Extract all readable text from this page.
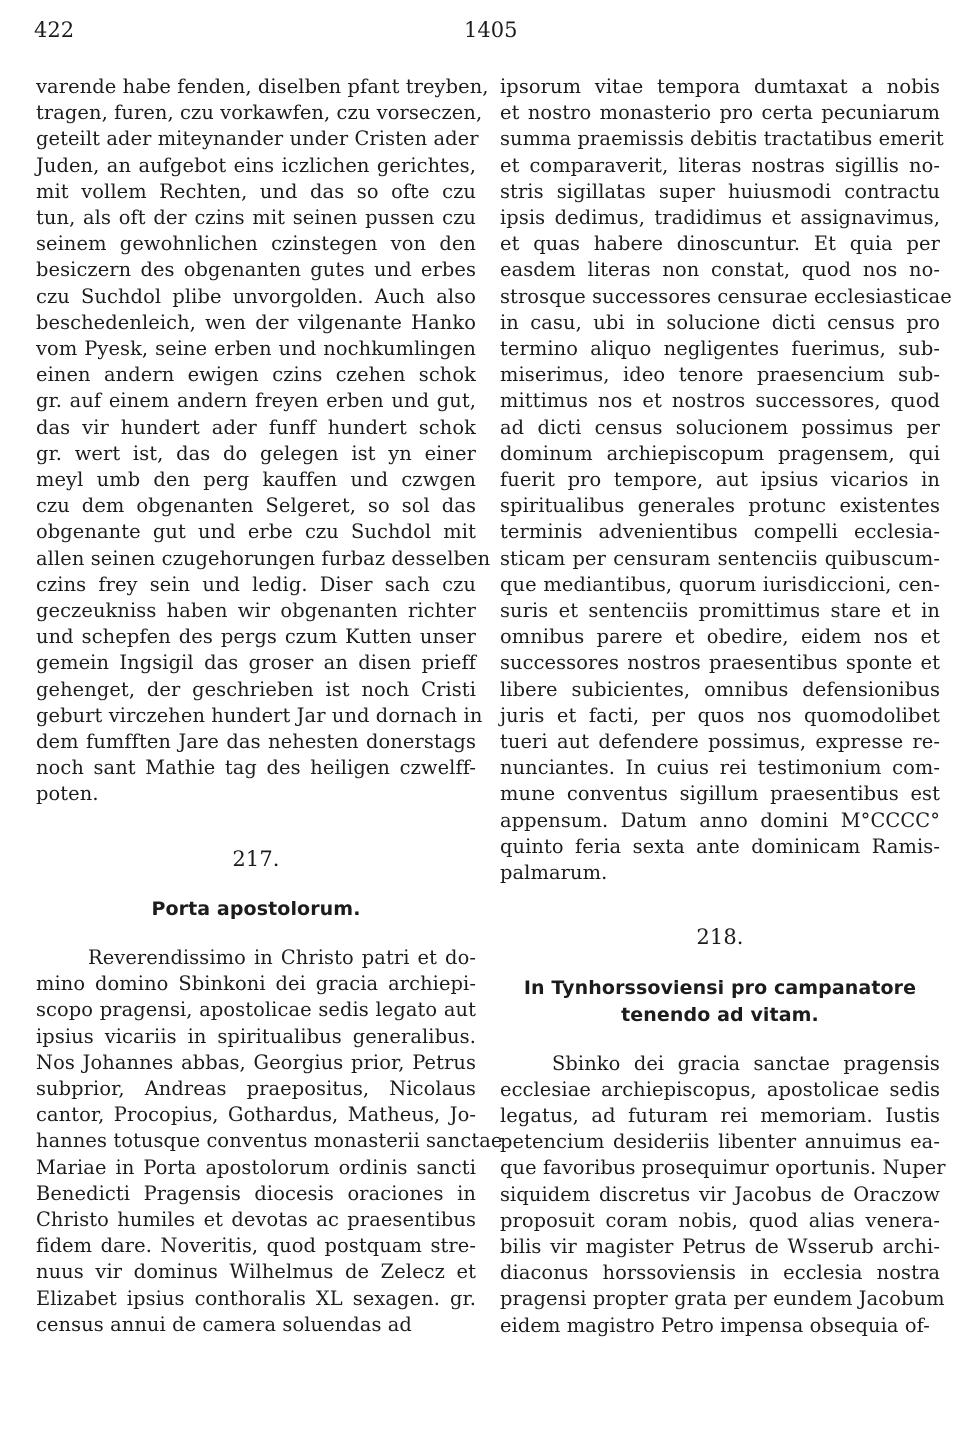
422	1405
varende habe fenden, diselben pfant treyben,
tragen, furen, czu vorkawfen, czu vorseczen,
geteilt ader miteynander under Cristen ader
Juden, an aufgebot eins iczlichen gerichtes,
mit vollem Rechten, und das so ofte czu
tun, als oft der czins mit seinen pussen czu
seinem gewohnlichen czinstegen von den
besiczern des obgenanten gutes und erbes
czu Suchdol plibe unvorgolden. Auch also
beschedenleich, wen der vilgenante Hanko
vom Pyesk, seine erben und nochkumlingen
einen andern ewigen czins czehen schok
gr. auf einem andern freyen erben und gut,
das vir hundert ader funff hundert schok
gr. wert ist, das do gelegen ist yn einer
meyl umb den perg kauffen und czwgen
czu dem obgenanten Selgeret, so sol das
obgenante gut und erbe czu Suchdol mit
allen seinen czugehorungen furbaz desselben
czins frey sein und ledig. Diser sach czu
geczeukniss haben wir obgenanten richter
und schepfen des pergs czum Kutten unser
gemein Ingsigil das groser an disen prieff
gehenget, der geschrieben ist noch Cristi
geburt virczehen hundert Jar und dornach in
dem fumfften Jare das nehesten donerstags
noch sant Mathie tag des heiligen czwelff-
poten.
217.
Porta apostolorum.
Reverendissimo in Christo patri et do-
mino domino Sbinkoni dei gracia archiepi-
scopo pragensi, apostolicae sedis legato aut
ipsius vicariis in spiritualibus generalibus.
Nos Johannes abbas, Georgius prior, Petrus
subprior, Andreas praepositus, Nicolaus
cantor, Procopius, Gothardus, Matheus, Jo-
hannes totusque conventus monasterii sanctae
Mariae in Porta apostolorum ordinis sancti
Benedicti Pragensis diocesis oraciones in
Christo humiles et devotas ac praesentibus
fidem dare. Noveritis, quod postquam stre-
nuus vir dominus Wilhelmus de Zelecz et
Elizabet ipsius conthoralis XL sexagen. gr.
census annui de camera soluendas ad
ipsorum vitae tempora dumtaxat a nobis
et nostro monasterio pro certa pecuniarum
summa praemissis debitis tractatibus emerit
et comparaverit, literas nostras sigillis no-
stris sigillatas super huiusmodi contractu
ipsis dedimus, tradidimus et assignavimus,
et quas habere dinoscuntur. Et quia per
easdem literas non constat, quod nos no-
strosque successores censurae ecclesiasticae
in casu, ubi in solucione dicti census pro
termino aliquo negligentes fuerimus, sub-
miserimus, ideo tenore praesencium sub-
mittimus nos et nostros successores, quod
ad dicti census solucionem possimus per
dominum archiepiscopum pragensem, qui
fuerit pro tempore, aut ipsius vicarios in
spiritualibus generales protunc existentes
terminis advenientibus compelli ecclesia-
sticam per censuram sentenciis quibuscum-
que mediantibus, quorum iurisdiccioni, cen-
suris et sentenciis promittimus stare et in
omnibus parere et obedire, eidem nos et
successores nostros praesentibus sponte et
libere subicientes, omnibus defensionibus
juris et facti, per quos nos quomodolibet
tueri aut defendere possimus, expresse re-
nunciantes. In cuius rei testimonium com-
mune conventus sigillum praesentibus est
appensum. Datum anno domini M°CCCC°
quinto feria sexta ante dominicam Ramis-
palmarum.
218.
In Tynhorssoviensi pro campanatore
tenendo ad vitam.
Sbinko dei gracia sanctae pragensis
ecclesiae archiepiscopus, apostolicae sedis
legatus, ad futuram rei memoriam. Iustis
petencium desideriis libenter annuimus ea-
que favoribus prosequimur oportunis. Nuper
siquidem discretus vir Jacobus de Oraczow
proposuit coram nobis, quod alias venera-
bilis vir magister Petrus de Wsserub archi-
diaconus horssoviensis in ecclesia nostra
pragensi propter grata per eundem Jacobum
eidem magistro Petro impensa obsequia of-
